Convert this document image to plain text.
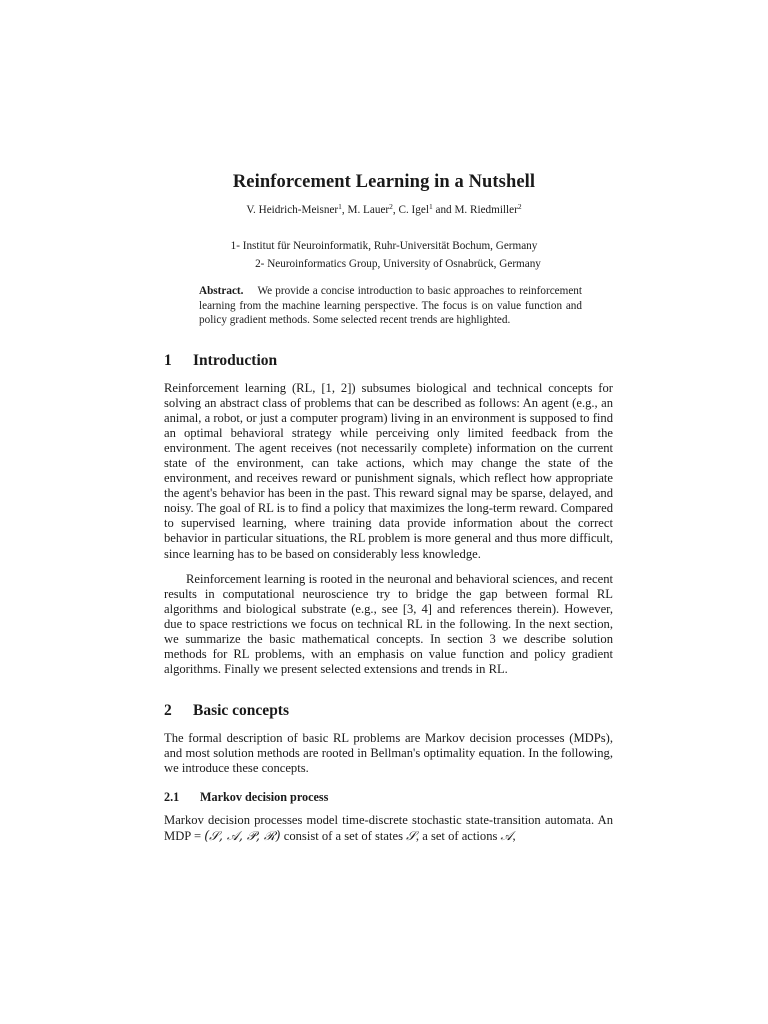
Reinforcement Learning in a Nutshell
V. Heidrich-Meisner$^1$, M. Lauer$^2$, C. Igel$^1$ and M. Riedmiller$^2$
1- Institut für Neuroinformatik, Ruhr-Universität Bochum, Germany
2- Neuroinformatics Group, University of Osnabrück, Germany
Abstract. We provide a concise introduction to basic approaches to reinforcement learning from the machine learning perspective. The focus is on value function and policy gradient methods. Some selected recent trends are highlighted.
1 Introduction
Reinforcement learning (RL, [1, 2]) subsumes biological and technical concepts for solving an abstract class of problems that can be described as follows: An agent (e.g., an animal, a robot, or just a computer program) living in an environment is supposed to find an optimal behavioral strategy while perceiving only limited feedback from the environment. The agent receives (not necessarily complete) information on the current state of the environment, can take actions, which may change the state of the environment, and receives reward or punishment signals, which reflect how appropriate the agent's behavior has been in the past. This reward signal may be sparse, delayed, and noisy. The goal of RL is to find a policy that maximizes the long-term reward. Compared to supervised learning, where training data provide information about the correct behavior in particular situations, the RL problem is more general and thus more difficult, since learning has to be based on considerably less knowledge.
Reinforcement learning is rooted in the neuronal and behavioral sciences, and recent results in computational neuroscience try to bridge the gap between formal RL algorithms and biological substrate (e.g., see [3, 4] and references therein). However, due to space restrictions we focus on technical RL in the following. In the next section, we summarize the basic mathematical concepts. In section 3 we describe solution methods for RL problems, with an emphasis on value function and policy gradient algorithms. Finally we present selected extensions and trends in RL.
2 Basic concepts
The formal description of basic RL problems are Markov decision processes (MDPs), and most solution methods are rooted in Bellman's optimality equation. In the following, we introduce these concepts.
2.1 Markov decision process
Markov decision processes model time-discrete stochastic state-transition automata. An MDP = (𝒮, 𝒜, 𝒫, ℛ) consist of a set of states 𝒮, a set of actions 𝒜,
